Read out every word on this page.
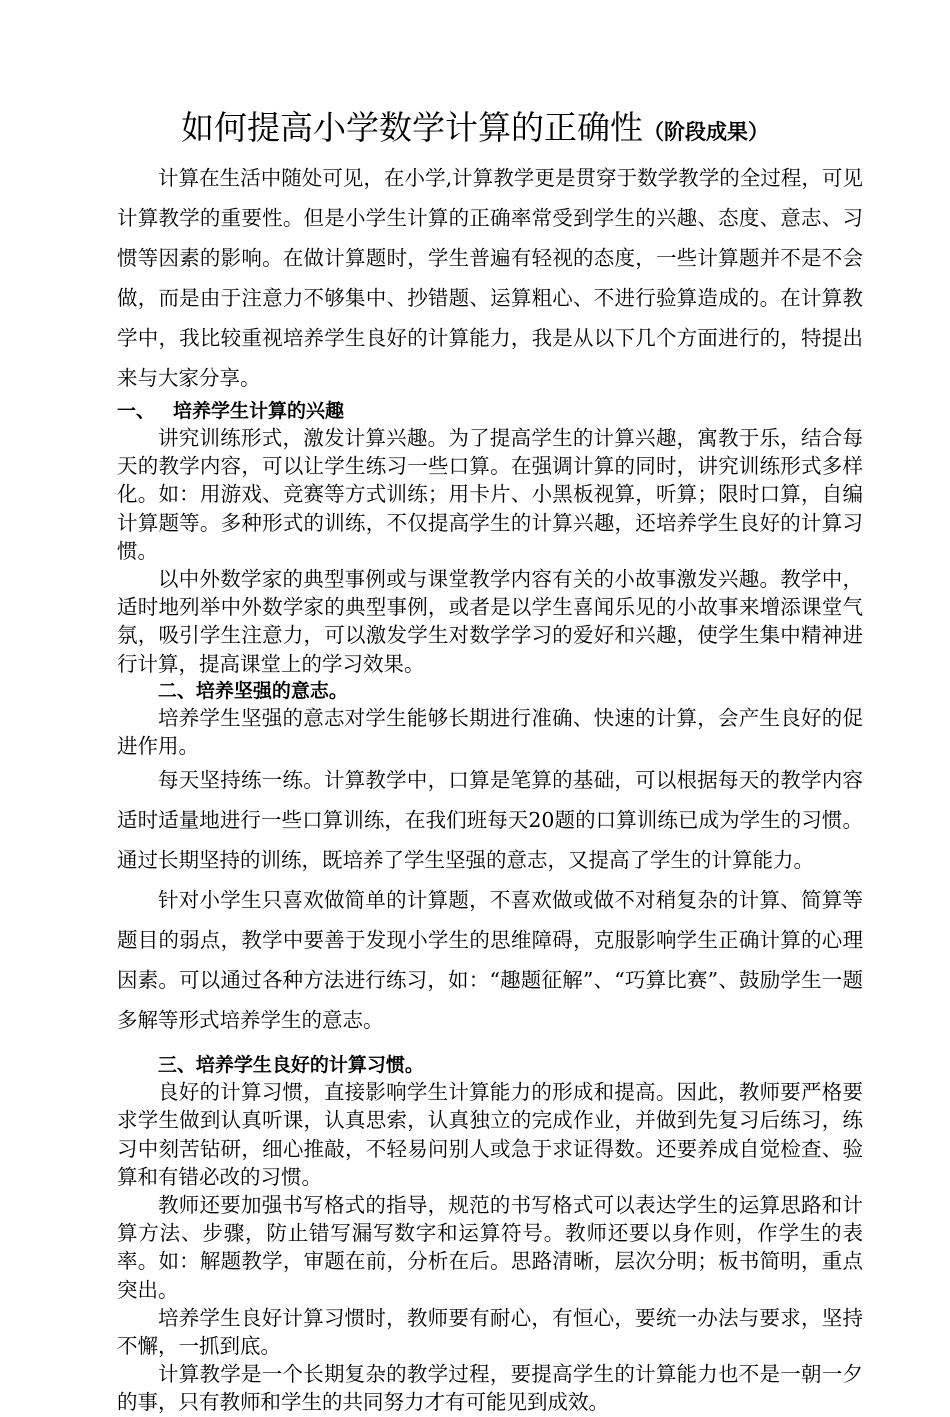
如何提高小学数学计算的正确性（阶段成果）

计算在生活中随处可见，在小学,计算教学更是贯穿于数学教学的全过程，可见计算教学的重要性。但是小学生计算的正确率常受到学生的兴趣、态度、意志、习惯等因素的影响。在做计算题时，学生普遍有轻视的态度，一些计算题并不是不会做，而是由于注意力不够集中、抄错题、运算粗心、不进行验算造成的。在计算教学中，我比较重视培养学生良好的计算能力，我是从以下几个方面进行的，特提出来与大家分享。

一、 培养学生计算的兴趣

讲究训练形式，激发计算兴趣。为了提高学生的计算兴趣，寓教于乐，结合每天的教学内容，可以让学生练习一些口算。在强调计算的同时，讲究训练形式多样化。如：用游戏、竞赛等方式训练；用卡片、小黑板视算，听算；限时口算，自编计算题等。多种形式的训练，不仅提高学生的计算兴趣，还培养学生良好的计算习惯。

以中外数学家的典型事例或与课堂教学内容有关的小故事激发兴趣。教学中，适时地列举中外数学家的典型事例，或者是以学生喜闻乐见的小故事来增添课堂气氛，吸引学生注意力，可以激发学生对数学学习的爱好和兴趣，使学生集中精神进行计算，提高课堂上的学习效果。

二、培养坚强的意志。

培养学生坚强的意志对学生能够长期进行准确、快速的计算，会产生良好的促进作用。

每天坚持练一练。计算教学中，口算是笔算的基础，可以根据每天的教学内容适时适量地进行一些口算训练，在我们班每天20题的口算训练已成为学生的习惯。通过长期坚持的训练，既培养了学生坚强的意志，又提高了学生的计算能力。

针对小学生只喜欢做简单的计算题，不喜欢做或做不对稍复杂的计算、简算等题目的弱点，教学中要善于发现小学生的思维障碍，克服影响学生正确计算的心理因素。可以通过各种方法进行练习，如：“趣题征解”、“巧算比赛”、鼓励学生一题多解等形式培养学生的意志。

三、培养学生良好的计算习惯。

良好的计算习惯，直接影响学生计算能力的形成和提高。因此，教师要严格要求学生做到认真听课，认真思索，认真独立的完成作业，并做到先复习后练习，练习中刻苦钻研，细心推敲，不轻易问别人或急于求证得数。还要养成自觉检查、验算和有错必改的习惯。

教师还要加强书写格式的指导，规范的书写格式可以表达学生的运算思路和计算方法、步骤，防止错写漏写数字和运算符号。教师还要以身作则，作学生的表率。如：解题教学，审题在前，分析在后。思路清晰，层次分明；板书简明，重点突出。

培养学生良好计算习惯时，教师要有耐心，有恒心，要统一办法与要求，坚持不懈，一抓到底。

计算教学是一个长期复杂的教学过程，要提高学生的计算能力也不是一朝一夕的事，只有教师和学生的共同努力才有可能见到成效。
